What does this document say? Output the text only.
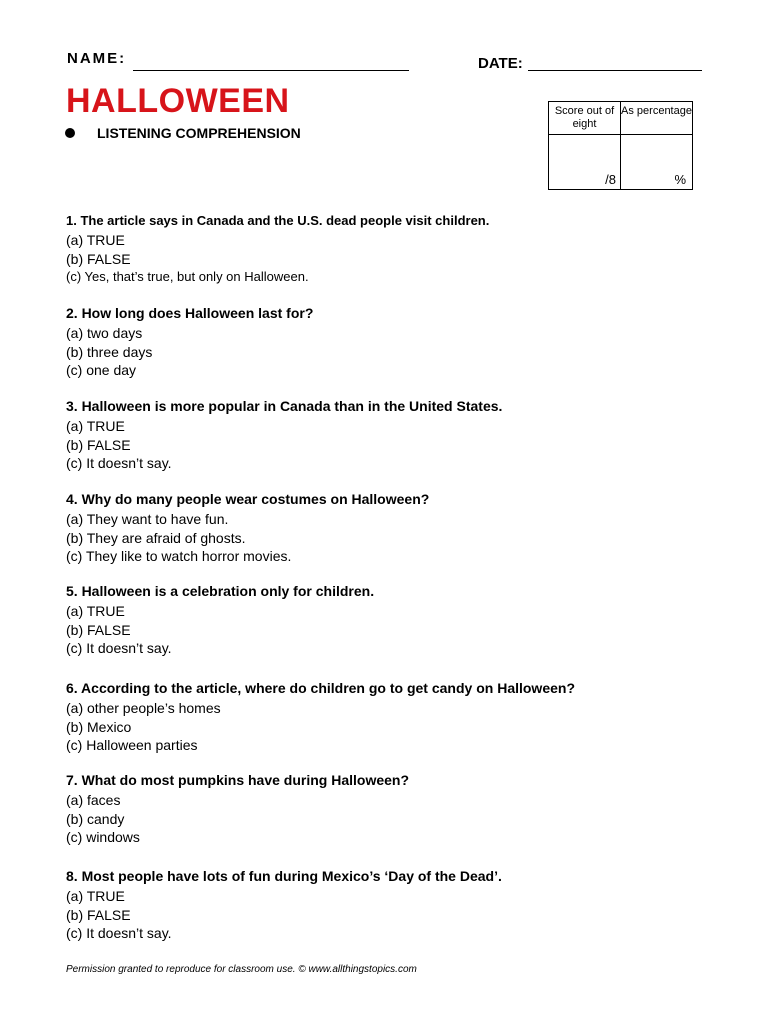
NAME:	DATE:
HALLOWEEN
LISTENING COMPREHENSION
Score out of eight	As percentage
/8	%
1. The article says in Canada and the U.S. dead people visit children.
(a) TRUE
(b) FALSE
(c) Yes, that’s true, but only on Halloween.
2. How long does Halloween last for?
(a) two days
(b) three days
(c) one day
3. Halloween is more popular in Canada than in the United States.
(a) TRUE
(b) FALSE
(c) It doesn’t say.
4. Why do many people wear costumes on Halloween?
(a) They want to have fun.
(b) They are afraid of ghosts.
(c) They like to watch horror movies.
5. Halloween is a celebration only for children.
(a) TRUE
(b) FALSE
(c) It doesn’t say.
6. According to the article, where do children go to get candy on Halloween?
(a) other people’s homes
(b) Mexico
(c) Halloween parties
7. What do most pumpkins have during Halloween?
(a) faces
(b) candy
(c) windows
8. Most people have lots of fun during Mexico’s ‘Day of the Dead’.
(a) TRUE
(b) FALSE
(c) It doesn’t say.
Permission granted to reproduce for classroom use. © www.allthingstopics.com
